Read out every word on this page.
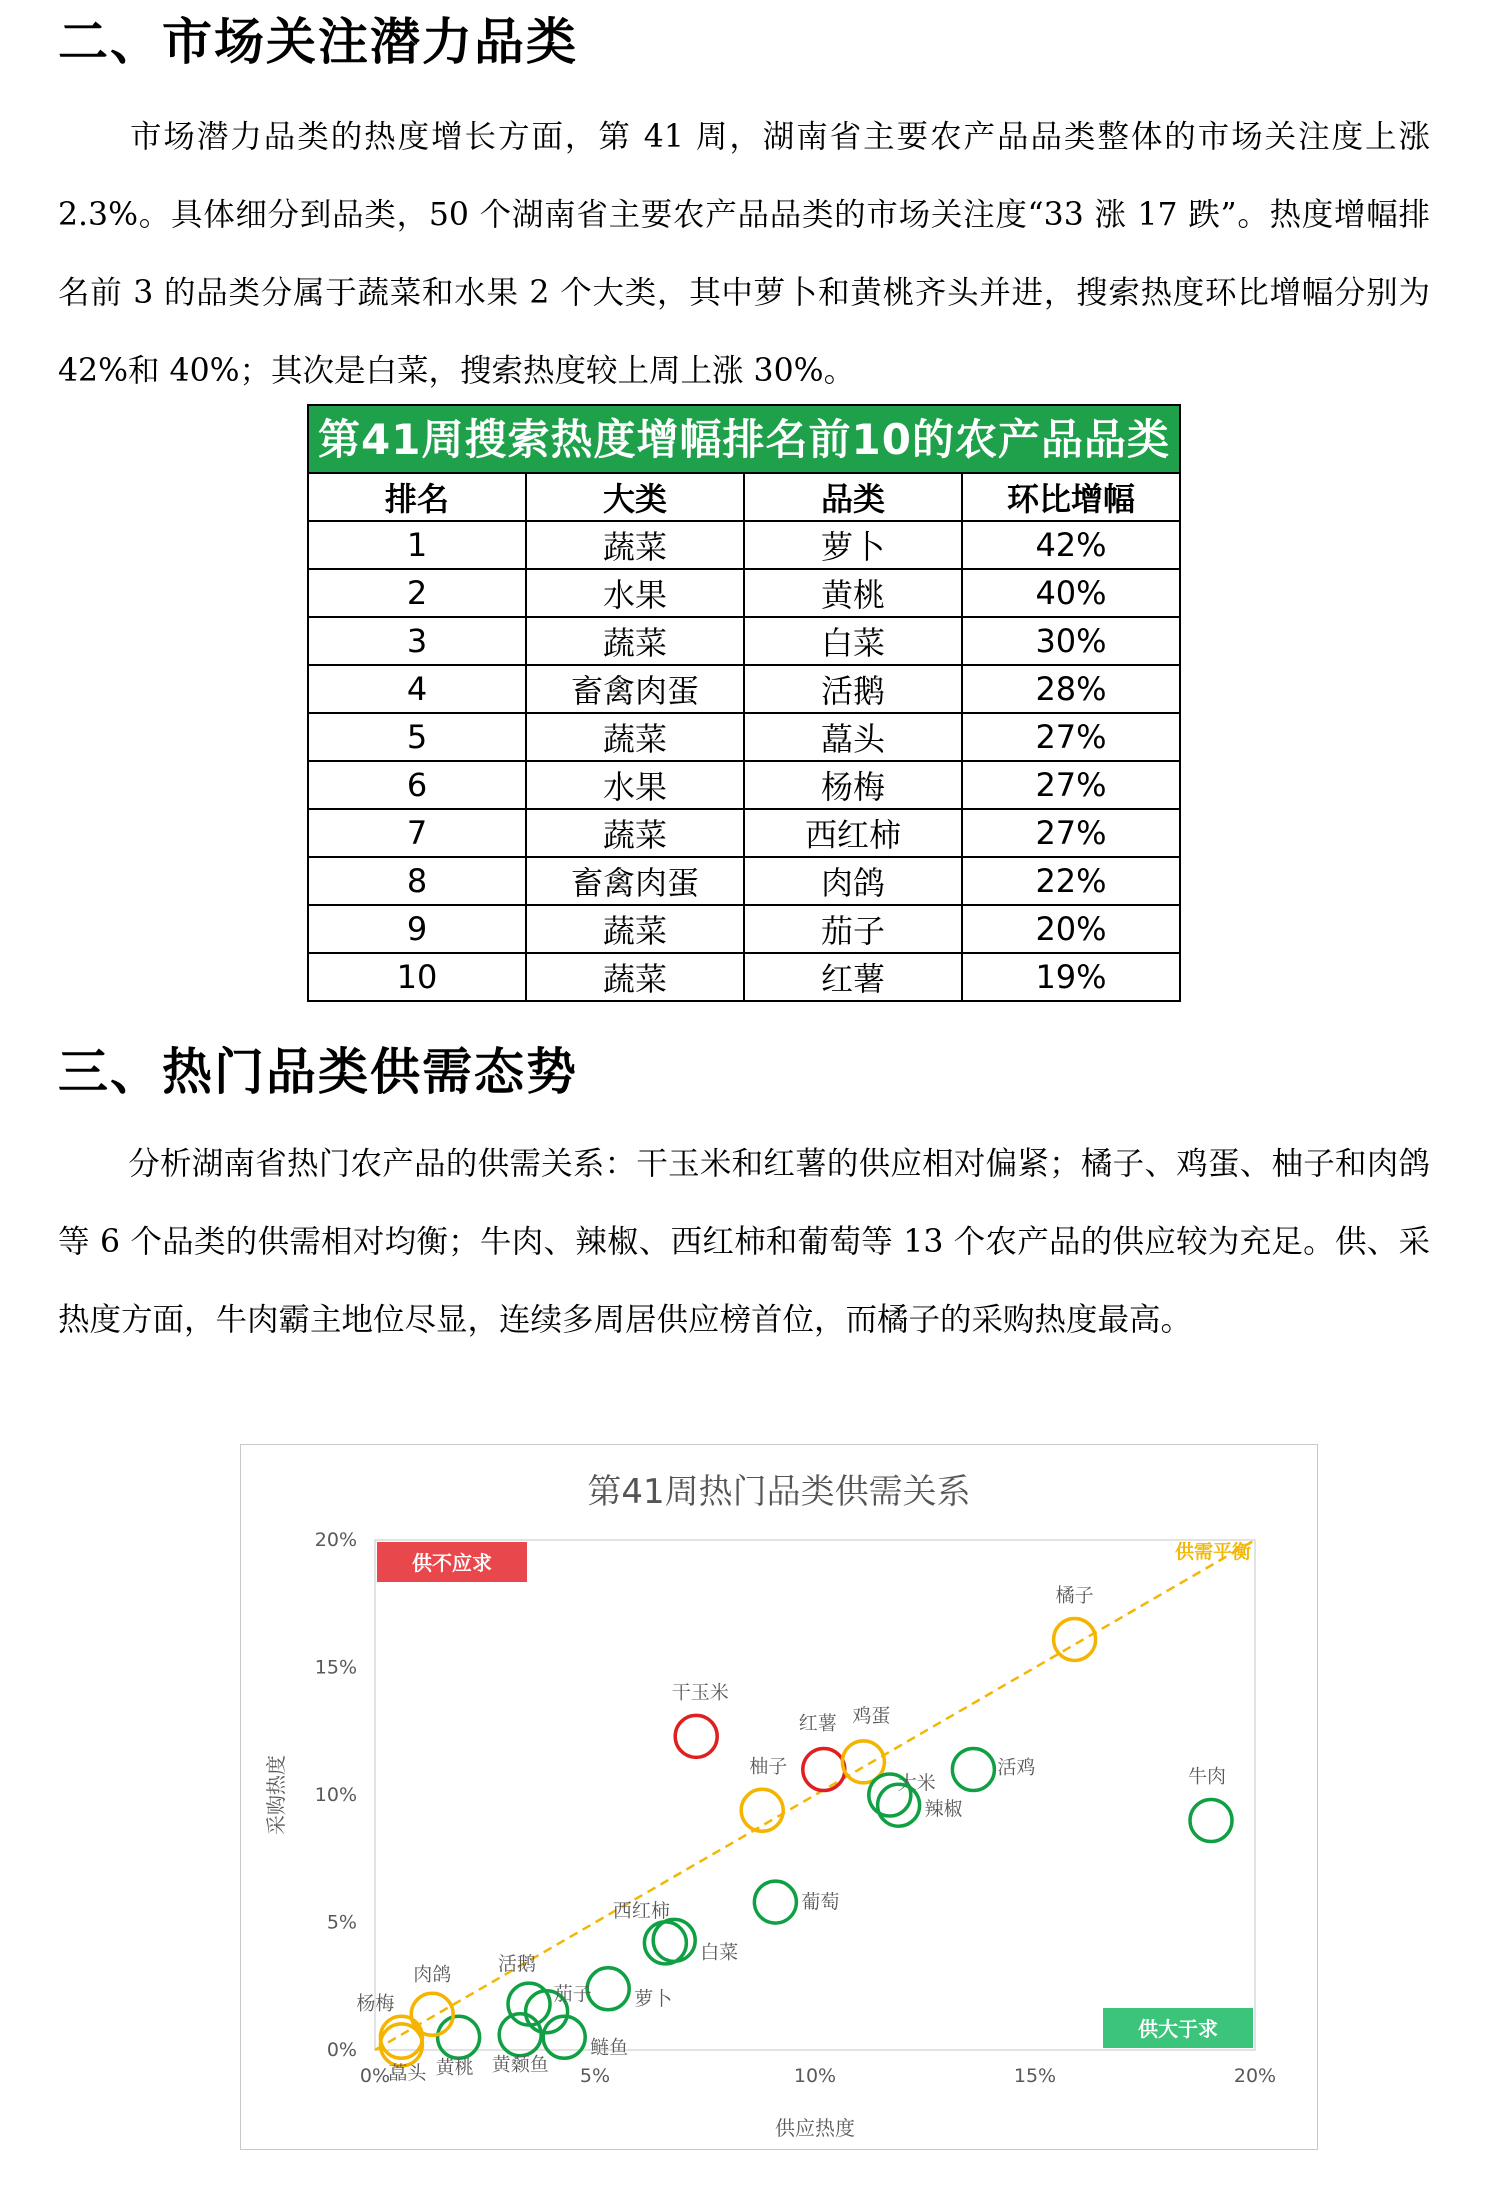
二、市场关注潜力品类

市场潜力品类的热度增长方面，第 41 周，湖南省主要农产品品类整体的市场关注度上涨 2.3%。具体细分到品类，50 个湖南省主要农产品品类的市场关注度“33 涨 17 跌”。热度增幅排名前 3 的品类分属于蔬菜和水果 2 个大类，其中萝卜和黄桃齐头并进，搜索热度环比增幅分别为 42%和 40%；其次是白菜，搜索热度较上周上涨 30%。

第41周搜索热度增幅排名前10的农产品品类
排名	大类	品类	环比增幅
1	蔬菜	萝卜	42%
2	水果	黄桃	40%
3	蔬菜	白菜	30%
4	畜禽肉蛋	活鹅	28%
5	蔬菜	藠头	27%
6	水果	杨梅	27%
7	蔬菜	西红柿	27%
8	畜禽肉蛋	肉鸽	22%
9	蔬菜	茄子	20%
10	蔬菜	红薯	19%
三、热门品类供需态势

分析湖南省热门农产品的供需关系：干玉米和红薯的供应相对偏紧；橘子、鸡蛋、柚子和肉鸽等 6 个品类的供需相对均衡；牛肉、辣椒、西红柿和葡萄等 13 个农产品的供应较为充足。供、采热度方面，牛肉霸主地位尽显，连续多周居供应榜首位，而橘子的采购热度最高。

第41周热门品类供需关系
供需平衡
供不应求
供大于求
0%
5%
10%
15%
20%
0%	5%	10%	15%	20%
供应热度
采购热度
橘子
干玉米
红薯 鸡蛋
活鸡
大米
辣椒
柚子	牛肉
葡萄
西红柿
白菜
萝卜
茄子
活鹅
黄颡鱼
鲢鱼
黄桃
肉鸽
杨梅
藠头
